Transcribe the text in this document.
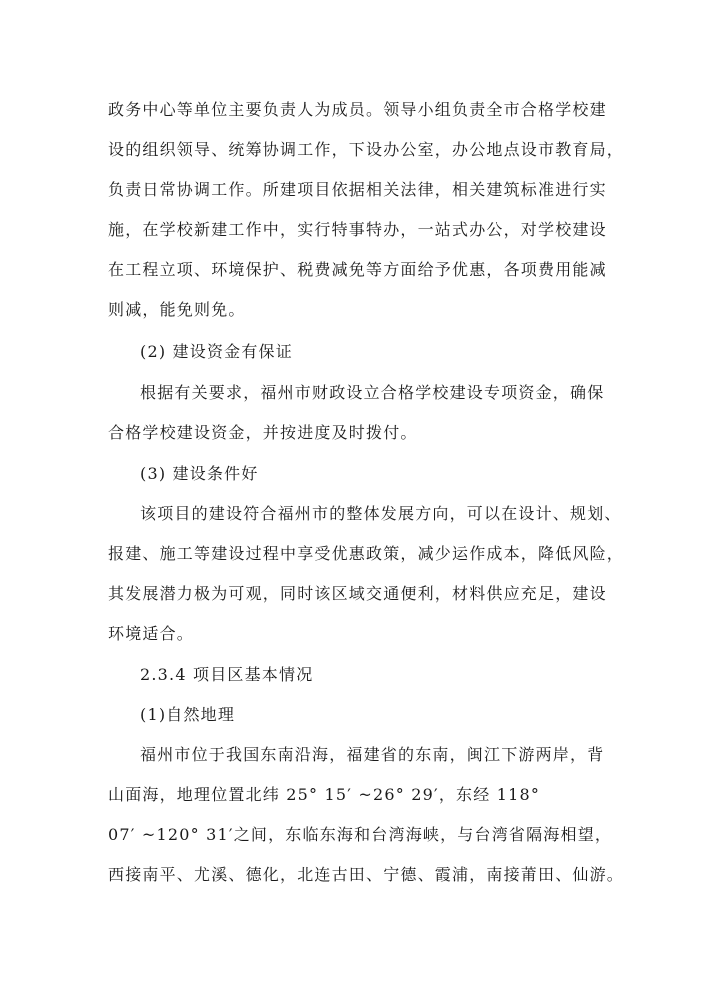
政务中心等单位主要负责人为成员。领导小组负责全市合格学校建
设的组织领导、统筹协调工作，下设办公室，办公地点设市教育局，
负责日常协调工作。所建项目依据相关法律，相关建筑标准进行实
施，在学校新建工作中，实行特事特办，一站式办公，对学校建设
在工程立项、环境保护、税费减免等方面给予优惠，各项费用能减
则减，能免则免。
(2) 建设资金有保证
根据有关要求，福州市财政设立合格学校建设专项资金，确保
合格学校建设资金，并按进度及时拨付。
(3) 建设条件好
该项目的建设符合福州市的整体发展方向，可以在设计、规划、
报建、施工等建设过程中享受优惠政策，减少运作成本，降低风险，
其发展潜力极为可观，同时该区域交通便利，材料供应充足，建设
环境适合。
2.3.4 项目区基本情况
(1)自然地理
福州市位于我国东南沿海，福建省的东南，闽江下游两岸，背
山面海，地理位置北纬 25° 15′ ~26° 29′，东经 118°
07′ ~120° 31′之间，东临东海和台湾海峡，与台湾省隔海相望，
西接南平、尤溪、德化，北连古田、宁德、霞浦，南接莆田、仙游。
